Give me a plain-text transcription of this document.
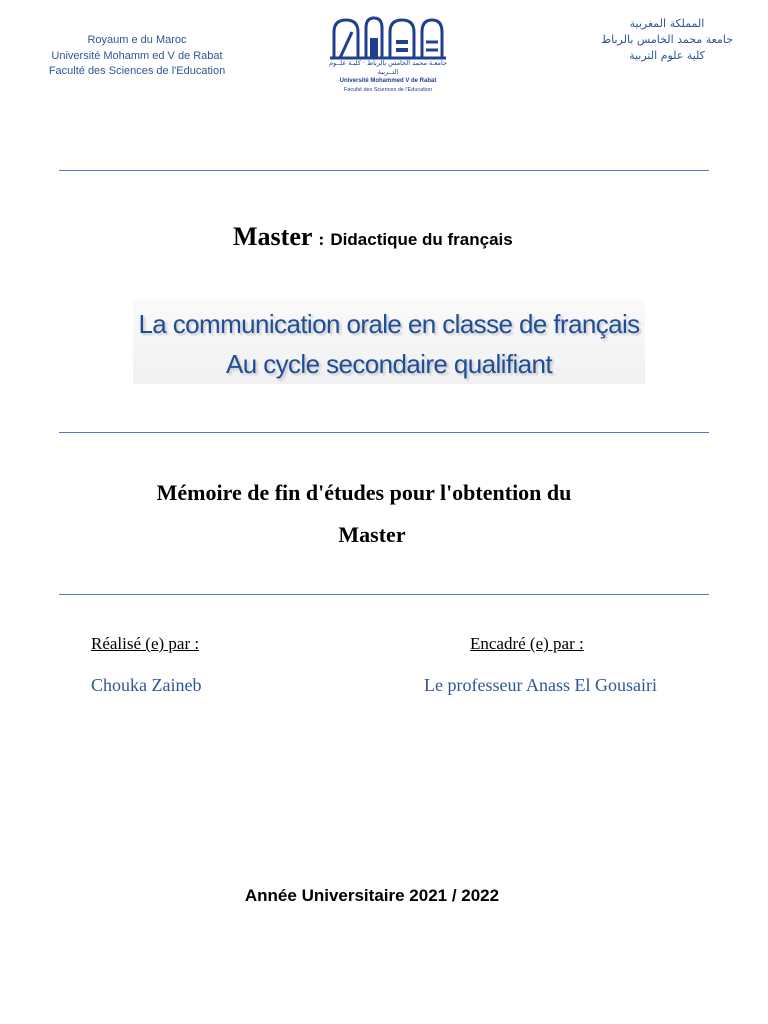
Royaum e du Maroc
Université Mohamm ed V de Rabat
Faculté des Sciences de l'Education
جامعـة محمد الخامس بالرباط · كليـة علــوم التــربية
Université Mohammed V de Rabat
Faculté des Sciences de l'Education
المملكة المغربية
جامعة محمد الخامس بالرباط
كلية علوم التربية
Master : Didactique du français
La communication orale en classe de français
Au cycle secondaire qualifiant
Mémoire de fin d'études pour l'obtention du
Master
Réalisé (e) par :	Encadré (e) par :
Chouka Zaineb	Le professeur Anass El Gousairi
Année Universitaire 2021 / 2022
